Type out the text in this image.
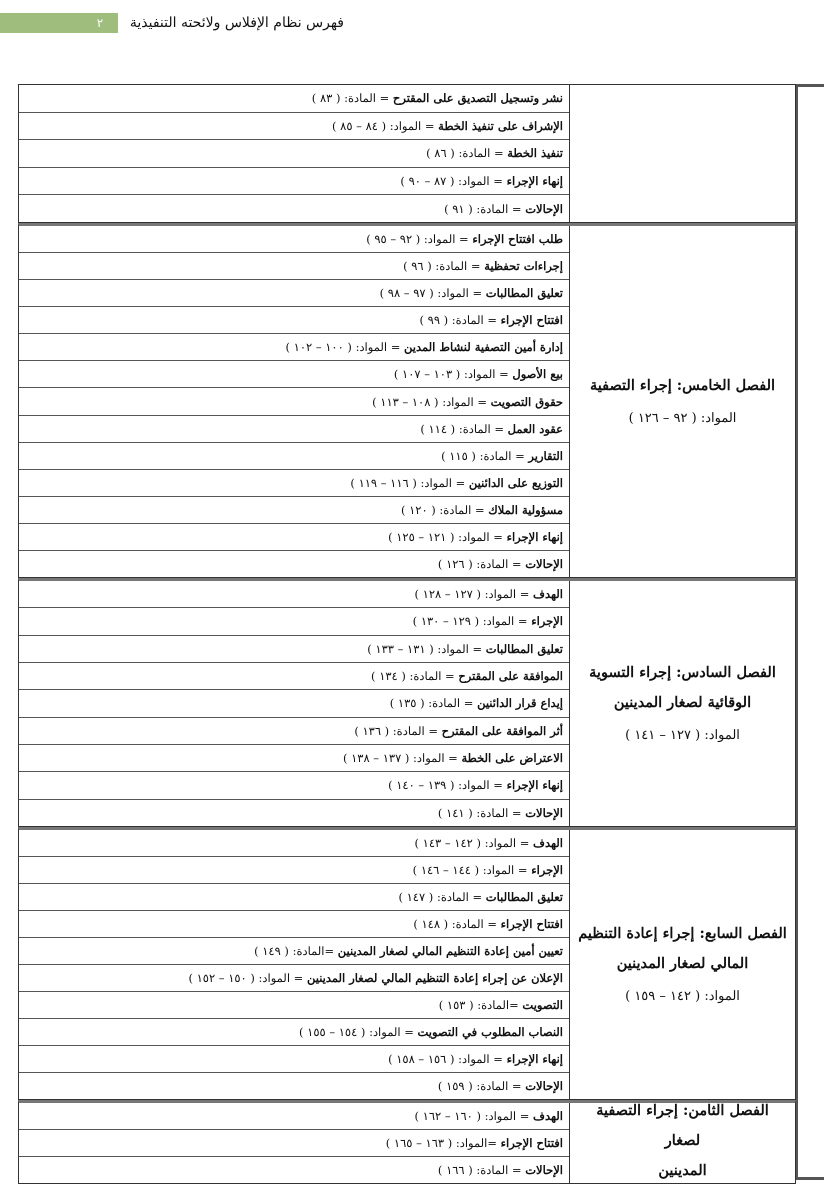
٢	فهرس نظام الإفلاس ولائحته التنفيذية
نشر وتسجيل التصديق على المقترح = المادة: ( ٨٣ )
الإشراف على تنفيذ الخطة = المواد: ( ٨٤ – ٨٥ )
تنفيذ الخطة = المادة: ( ٨٦ )
إنهاء الإجراء = المواد: ( ٨٧ – ٩٠ )
الإحالات = المادة: ( ٩١ )
الفصل الخامس: إجراء التصفية
المواد: ( ٩٢ – ١٢٦ )
طلب افتتاح الإجراء = المواد: ( ٩٢ – ٩٥ )
إجراءات تحفظية = المادة: ( ٩٦ )
تعليق المطالبات = المواد: ( ٩٧ – ٩٨ )
افتتاح الإجراء = المادة: ( ٩٩ )
إدارة أمين التصفية لنشاط المدين = المواد: ( ١٠٠ – ١٠٢ )
بيع الأصول = المواد: ( ١٠٣ – ١٠٧ )
حقوق التصويت = المواد: ( ١٠٨ – ١١٣ )
عقود العمل = المادة: ( ١١٤ )
التقارير = المادة: ( ١١٥ )
التوزيع على الدائنين = المواد: ( ١١٦ – ١١٩ )
مسؤولية الملاك = المادة: ( ١٢٠ )
إنهاء الإجراء = المواد: ( ١٢١ – ١٢٥ )
الإحالات = المادة: ( ١٢٦ )
الفصل السادس: إجراء التسوية
الوقائية لصغار المدينين
المواد: ( ١٢٧ – ١٤١ )
الهدف = المواد: ( ١٢٧ – ١٢٨ )
الإجراء = المواد: ( ١٢٩ – ١٣٠ )
تعليق المطالبات = المواد: ( ١٣١ – ١٣٣ )
الموافقة على المقترح = المادة: ( ١٣٤ )
إيداع قرار الدائنين = المادة: ( ١٣٥ )
أثر الموافقة على المقترح = المادة: ( ١٣٦ )
الاعتراض على الخطة = المواد: ( ١٣٧ – ١٣٨ )
إنهاء الإجراء = المواد: ( ١٣٩ – ١٤٠ )
الإحالات = المادة: ( ١٤١ )
الفصل السابع: إجراء إعادة التنظيم
المالي لصغار المدينين
المواد: ( ١٤٢ – ١٥٩ )
الهدف = المواد: ( ١٤٢ – ١٤٣ )
الإجراء = المواد: ( ١٤٤ – ١٤٦ )
تعليق المطالبات = المادة: ( ١٤٧ )
افتتاح الإجراء = المادة: ( ١٤٨ )
تعيين أمين إعادة التنظيم المالي لصغار المدينين =المادة: ( ١٤٩ )
الإعلان عن إجراء إعادة التنظيم المالي لصغار المدينين = المواد: ( ١٥٠ – ١٥٢ )
التصويت =المادة: ( ١٥٣ )
النصاب المطلوب في التصويت = المواد: ( ١٥٤ – ١٥٥ )
إنهاء الإجراء = المواد: ( ١٥٦ – ١٥٨ )
الإحالات = المادة: ( ١٥٩ )
الفصل الثامن: إجراء التصفية لصغار
المدينين
الهدف = المواد: ( ١٦٠ – ١٦٢ )
افتتاح الإجراء =المواد: ( ١٦٣ – ١٦٥ )
الإحالات = المادة: ( ١٦٦ )
